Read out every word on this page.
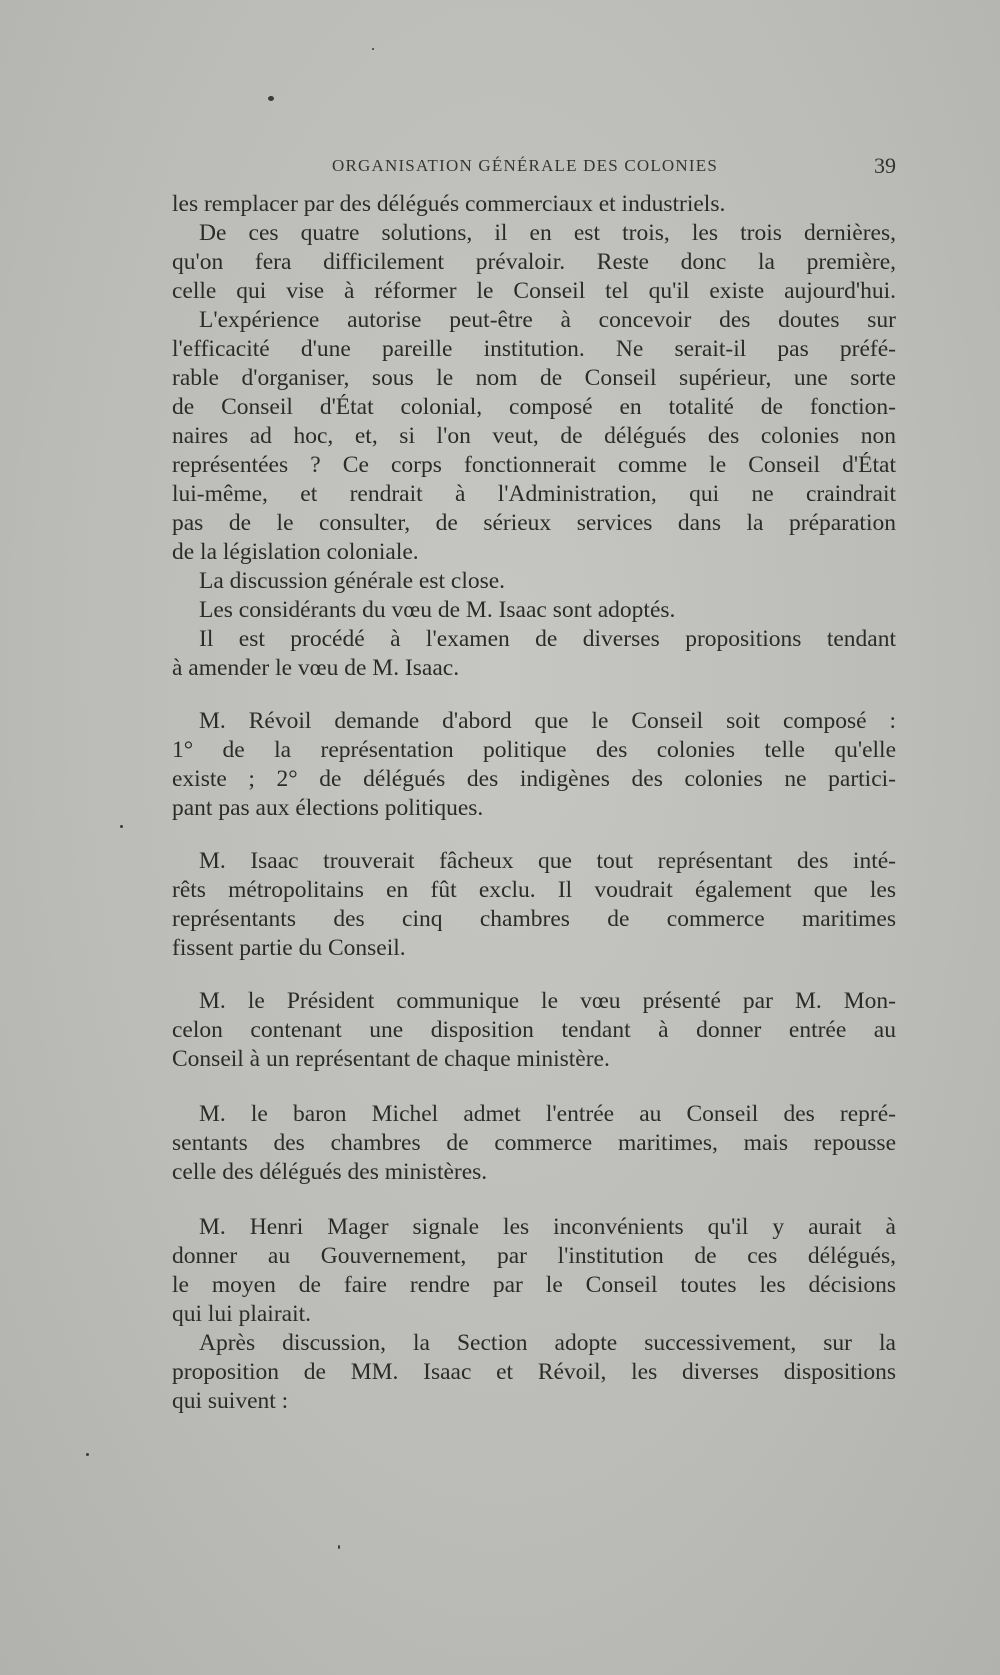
ORGANISATION GÉNÉRALE DES COLONIES	39
les remplacer par des délégués commerciaux et industriels.
De ces quatre solutions, il en est trois, les trois dernières,
qu'on fera difficilement prévaloir. Reste donc la première,
celle qui vise à réformer le Conseil tel qu'il existe aujourd'hui.
L'expérience autorise peut-être à concevoir des doutes sur
l'efficacité d'une pareille institution. Ne serait-il pas préfé-
rable d'organiser, sous le nom de Conseil supérieur, une sorte
de Conseil d'État colonial, composé en totalité de fonction-
naires ad hoc, et, si l'on veut, de délégués des colonies non
représentées ? Ce corps fonctionnerait comme le Conseil d'État
lui-même, et rendrait à l'Administration, qui ne craindrait
pas de le consulter, de sérieux services dans la préparation
de la législation coloniale.
La discussion générale est close.
Les considérants du vœu de M. Isaac sont adoptés.
Il est procédé à l'examen de diverses propositions tendant
à amender le vœu de M. Isaac.
M. Révoil demande d'abord que le Conseil soit composé :
1° de la représentation politique des colonies telle qu'elle
existe ; 2° de délégués des indigènes des colonies ne partici-
pant pas aux élections politiques.
M. Isaac trouverait fâcheux que tout représentant des inté-
rêts métropolitains en fût exclu. Il voudrait également que les
représentants des cinq chambres de commerce maritimes
fissent partie du Conseil.
M. le Président communique le vœu présenté par M. Mon-
celon contenant une disposition tendant à donner entrée au
Conseil à un représentant de chaque ministère.
M. le baron Michel admet l'entrée au Conseil des repré-
sentants des chambres de commerce maritimes, mais repousse
celle des délégués des ministères.
M. Henri Mager signale les inconvénients qu'il y aurait à
donner au Gouvernement, par l'institution de ces délégués,
le moyen de faire rendre par le Conseil toutes les décisions
qui lui plairait.
Après discussion, la Section adopte successivement, sur la
proposition de MM. Isaac et Révoil, les diverses dispositions
qui suivent :
